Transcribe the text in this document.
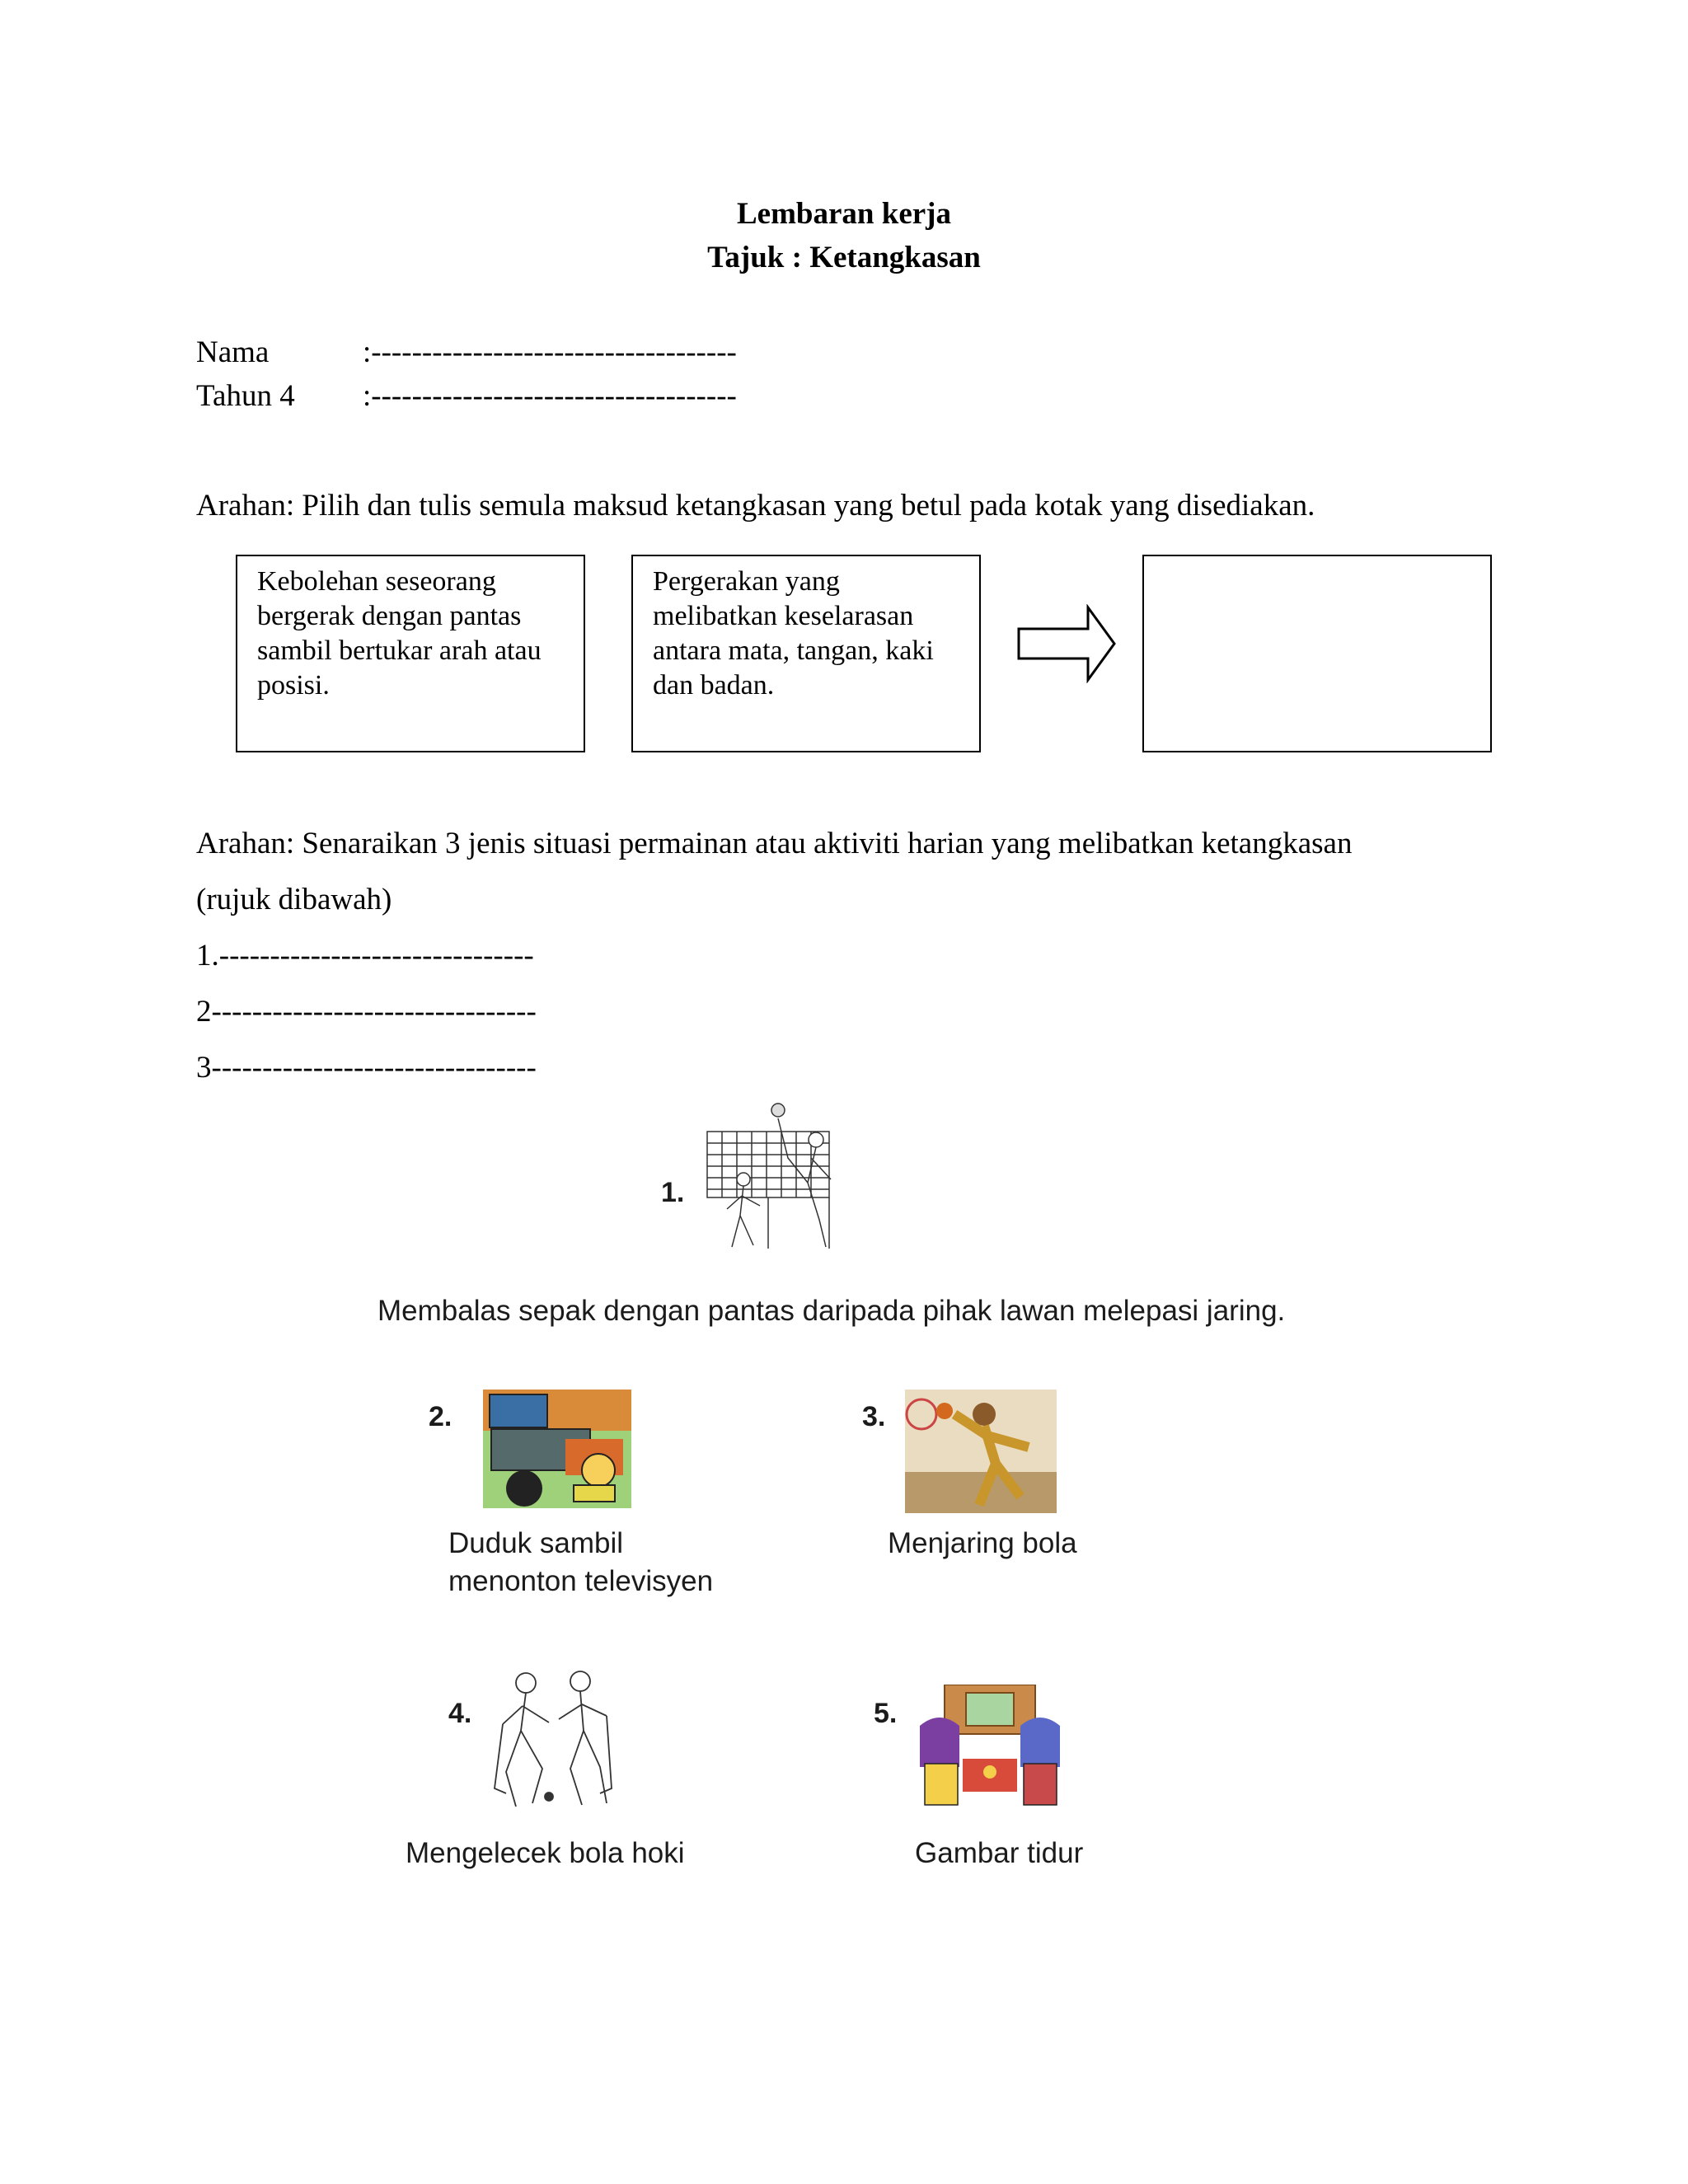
Lembaran kerja
Tajuk : Ketangkasan
Nama	:------------------------------------
Tahun 4 :------------------------------------
Arahan: Pilih dan tulis semula maksud ketangkasan yang betul pada kotak yang disediakan.
Kebolehan seseorang
bergerak dengan pantas
sambil bertukar arah atau
posisi.
Pergerakan yang
melibatkan keselarasan
antara mata, tangan, kaki
dan badan.
Arahan: Senaraikan 3 jenis situasi permainan atau aktiviti harian yang melibatkan ketangkasan
(rujuk dibawah)
1.-------------------------------
2--------------------------------
3--------------------------------
1.
Membalas sepak dengan pantas daripada pihak lawan melepasi jaring.
2.
Duduk sambil
menonton televisyen
3.
Menjaring bola
4.
Mengelecek bola hoki
5.
Gambar tidur
